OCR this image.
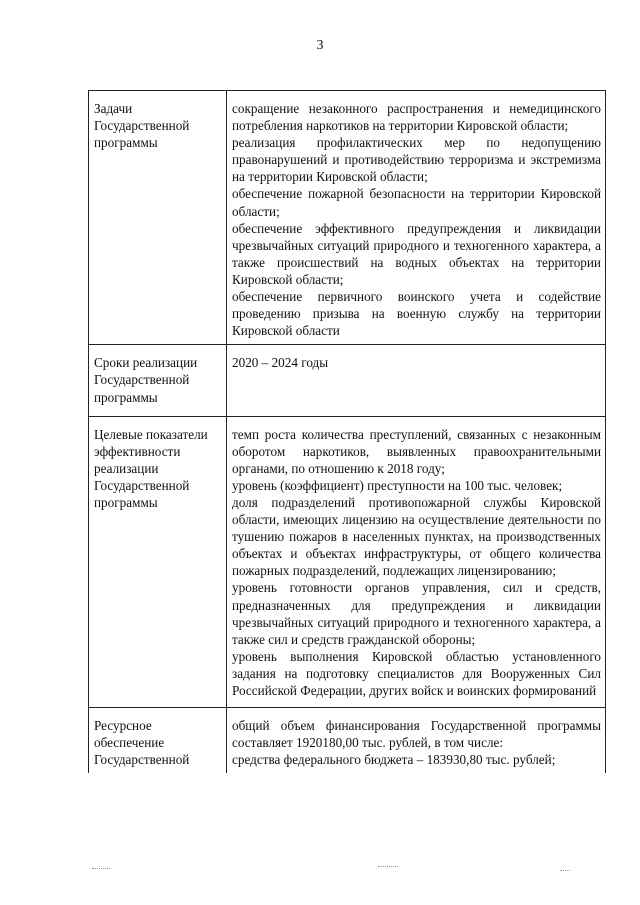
3
Задачи Государственной программы	сокращение незаконного распространения и немедицинского потребления наркотиков на территории Кировской области;
реализация профилактических мер по недопущению правонарушений и противодействию терроризма и экстремизма на территории Кировской области;
обеспечение пожарной безопасности на территории Кировской области;
обеспечение эффективного предупреждения и ликвидации чрезвычайных ситуаций природного и техногенного характера, а также происшествий на водных объектах на территории Кировской области;
обеспечение первичного воинского учета и содействие проведению призыва на военную службу на территории Кировской области

Сроки реализации Государственной программы	2020 – 2024 годы

Целевые показатели эффективности реализации Государственной программы	темп роста количества преступлений, связанных с незаконным оборотом наркотиков, выявленных правоохранительными органами, по отношению к 2018 году;
уровень (коэффициент) преступности на 100 тыс. человек;
доля подразделений противопожарной службы Кировской области, имеющих лицензию на осуществление деятельности по тушению пожаров в населенных пунктах, на производственных объектах и объектах инфраструктуры, от общего количества пожарных подразделений, подлежащих лицензированию;
уровень готовности органов управления, сил и средств, предназначенных для предупреждения и ликвидации чрезвычайных ситуаций природного и техногенного характера, а также сил и средств гражданской обороны;
уровень выполнения Кировской областью установленного задания на подготовку специалистов для Вооруженных Сил Российской Федерации, других войск и воинских формирований

Ресурсное обеспечение Государственной	общий объем финансирования Государственной программы составляет 1920180,00 тыс. рублей, в том числе:
средства федерального бюджета – 183930,80 тыс. рублей;
